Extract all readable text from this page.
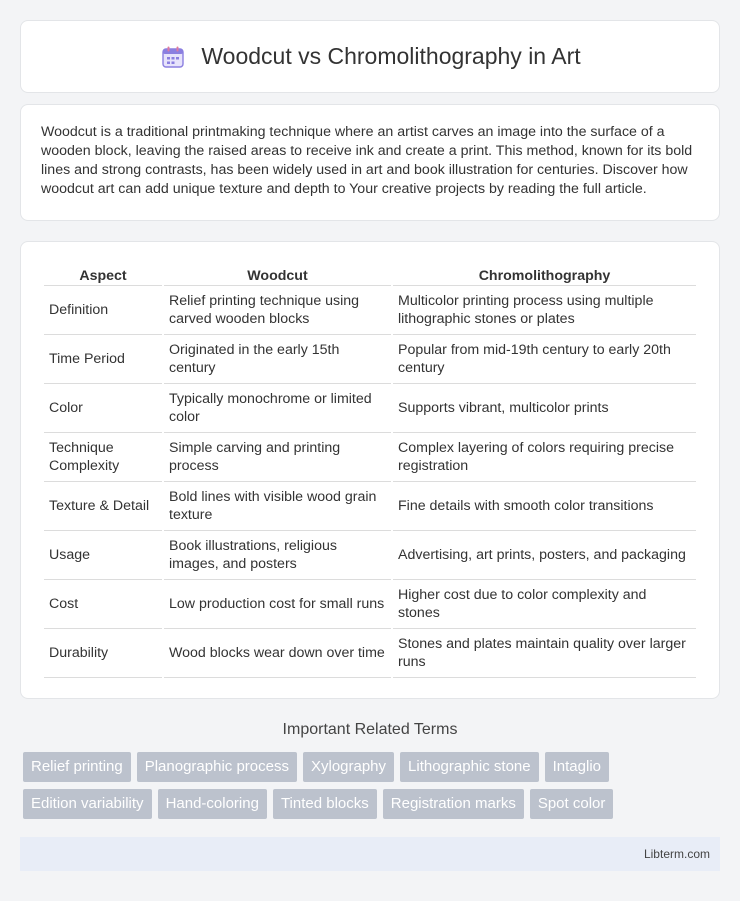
Woodcut vs Chromolithography in Art

Woodcut is a traditional printmaking technique where an artist carves an image into the surface of a wooden block, leaving the raised areas to receive ink and create a print. This method, known for its bold lines and strong contrasts, has been widely used in art and book illustration for centuries. Discover how woodcut art can add unique texture and depth to Your creative projects by reading the full article.

Aspect	Woodcut	Chromolithography
Definition	Relief printing technique using carved wooden blocks	Multicolor printing process using multiple lithographic stones or plates
Time Period	Originated in the early 15th century	Popular from mid-19th century to early 20th century
Color	Typically monochrome or limited color	Supports vibrant, multicolor prints
Technique Complexity	Simple carving and printing process	Complex layering of colors requiring precise registration
Texture & Detail	Bold lines with visible wood grain texture	Fine details with smooth color transitions
Usage	Book illustrations, religious images, and posters	Advertising, art prints, posters, and packaging
Cost	Low production cost for small runs	Higher cost due to color complexity and stones
Durability	Wood blocks wear down over time	Stones and plates maintain quality over larger runs
Important Related Terms
Relief printing	Planographic process	Xylography	Lithographic stone	Intaglio
Edition variability	Hand-coloring	Tinted blocks	Registration marks	Spot color
Libterm.com
